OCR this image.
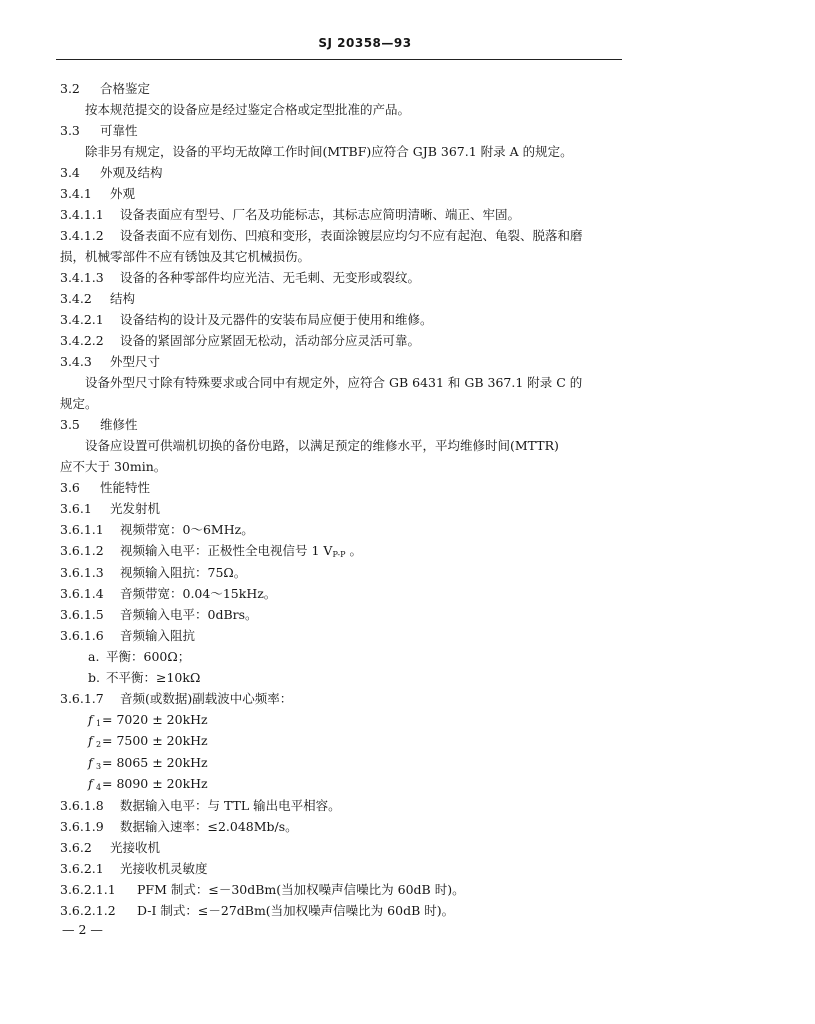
SJ 20358—93
3.2 合格鉴定
按本规范提交的设备应是经过鉴定合格或定型批准的产品。
3.3 可靠性
除非另有规定，设备的平均无故障工作时间(MTBF)应符合 GJB 367.1 附录 A 的规定。
3.4 外观及结构
3.4.1 外观
3.4.1.1 设备表面应有型号、厂名及功能标志，其标志应简明清晰、端正、牢固。
3.4.1.2 设备表面不应有划伤、凹痕和变形，表面涂镀层应均匀不应有起泡、龟裂、脱落和磨
损，机械零部件不应有锈蚀及其它机械损伤。
3.4.1.3 设备的各种零部件均应光洁、无毛刺、无变形或裂纹。
3.4.2 结构
3.4.2.1 设备结构的设计及元器件的安装布局应便于使用和维修。
3.4.2.2 设备的紧固部分应紧固无松动，活动部分应灵活可靠。
3.4.3 外型尺寸
设备外型尺寸除有特殊要求或合同中有规定外，应符合 GB 6431 和 GB 367.1 附录 C 的
规定。
3.5 维修性
设备应设置可供端机切换的备份电路，以满足预定的维修水平，平均维修时间(MTTR)
应不大于 30min。
3.6 性能特性
3.6.1 光发射机
3.6.1.1 视频带宽：0～6MHz。
3.6.1.2 视频输入电平：正极性全电视信号 1 $V_{P-P}$ 。
3.6.1.3 视频输入阻抗：75Ω。
3.6.1.4 音频带宽：0.04～15kHz。
3.6.1.5 音频输入电平：0dBrs。
3.6.1.6 音频输入阻抗
a. 平衡：600Ω；
b. 不平衡：≥10kΩ
3.6.1.7 音频(或数据)副载波中心频率：
f 1 = 7020 ± 20kHz
f 2 = 7500 ± 20kHz
f 3 = 8065 ± 20kHz
f 4 = 8090 ± 20kHz
3.6.1.8 数据输入电平：与 TTL 输出电平相容。
3.6.1.9 数据输入速率：≤2.048Mb/s。
3.6.2 光接收机
3.6.2.1 光接收机灵敏度
3.6.2.1.1 PFM 制式：≤－30dBm(当加权噪声信噪比为 60dB 时)。
3.6.2.1.2 D-I 制式：≤－27dBm(当加权噪声信噪比为 60dB 时)。
— 2 —
